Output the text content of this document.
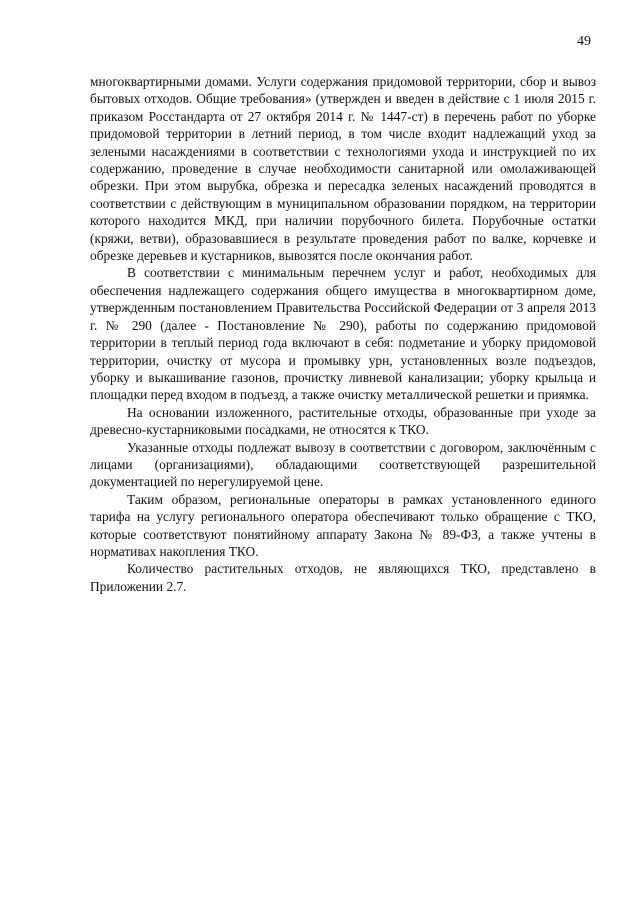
49

многоквартирными домами. Услуги содержания придомовой территории, сбор и вывоз бытовых отходов. Общие требования» (утвержден и введен в действие с 1 июля 2015 г. приказом Росстандарта от 27 октября 2014 г. № 1447-ст) в перечень работ по уборке придомовой территории в летний период, в том числе входит надлежащий уход за зелеными насаждениями в соответствии с технологиями ухода и инструкцией по их содержанию, проведение в случае необходимости санитарной или омолаживающей обрезки. При этом вырубка, обрезка и пересадка зеленых насаждений проводятся в соответствии с действующим в муниципальном образовании порядком, на территории которого находится МКД, при наличии порубочного билета. Порубочные остатки (кряжи, ветви), образовавшиеся в результате проведения работ по валке, корчевке и обрезке деревьев и кустарников, вывозятся после окончания работ.

В соответствии с минимальным перечнем услуг и работ, необходимых для обеспечения надлежащего содержания общего имущества в многоквартирном доме, утвержденным постановлением Правительства Российской Федерации от 3 апреля 2013 г. № 290 (далее - Постановление № 290), работы по содержанию придомовой территории в теплый период года включают в себя: подметание и уборку придомовой территории, очистку от мусора и промывку урн, установленных возле подъездов, уборку и выкашивание газонов, прочистку ливневой канализации; уборку крыльца и площадки перед входом в подъезд, а также очистку металлической решетки и приямка.

На основании изложенного, растительные отходы, образованные при уходе за древесно-кустарниковыми посадками, не относятся к ТКО.

Указанные отходы подлежат вывозу в соответствии с договором, заключённым с лицами (организациями), обладающими соответствующей разрешительной документацией по нерегулируемой цене.

Таким образом, региональные операторы в рамках установленного единого тарифа на услугу регионального оператора обеспечивают только обращение с ТКО, которые соответствуют понятийному аппарату Закона № 89-ФЗ, а также учтены в нормативах накопления ТКО.

Количество растительных отходов, не являющихся ТКО, представлено в Приложении 2.7.
